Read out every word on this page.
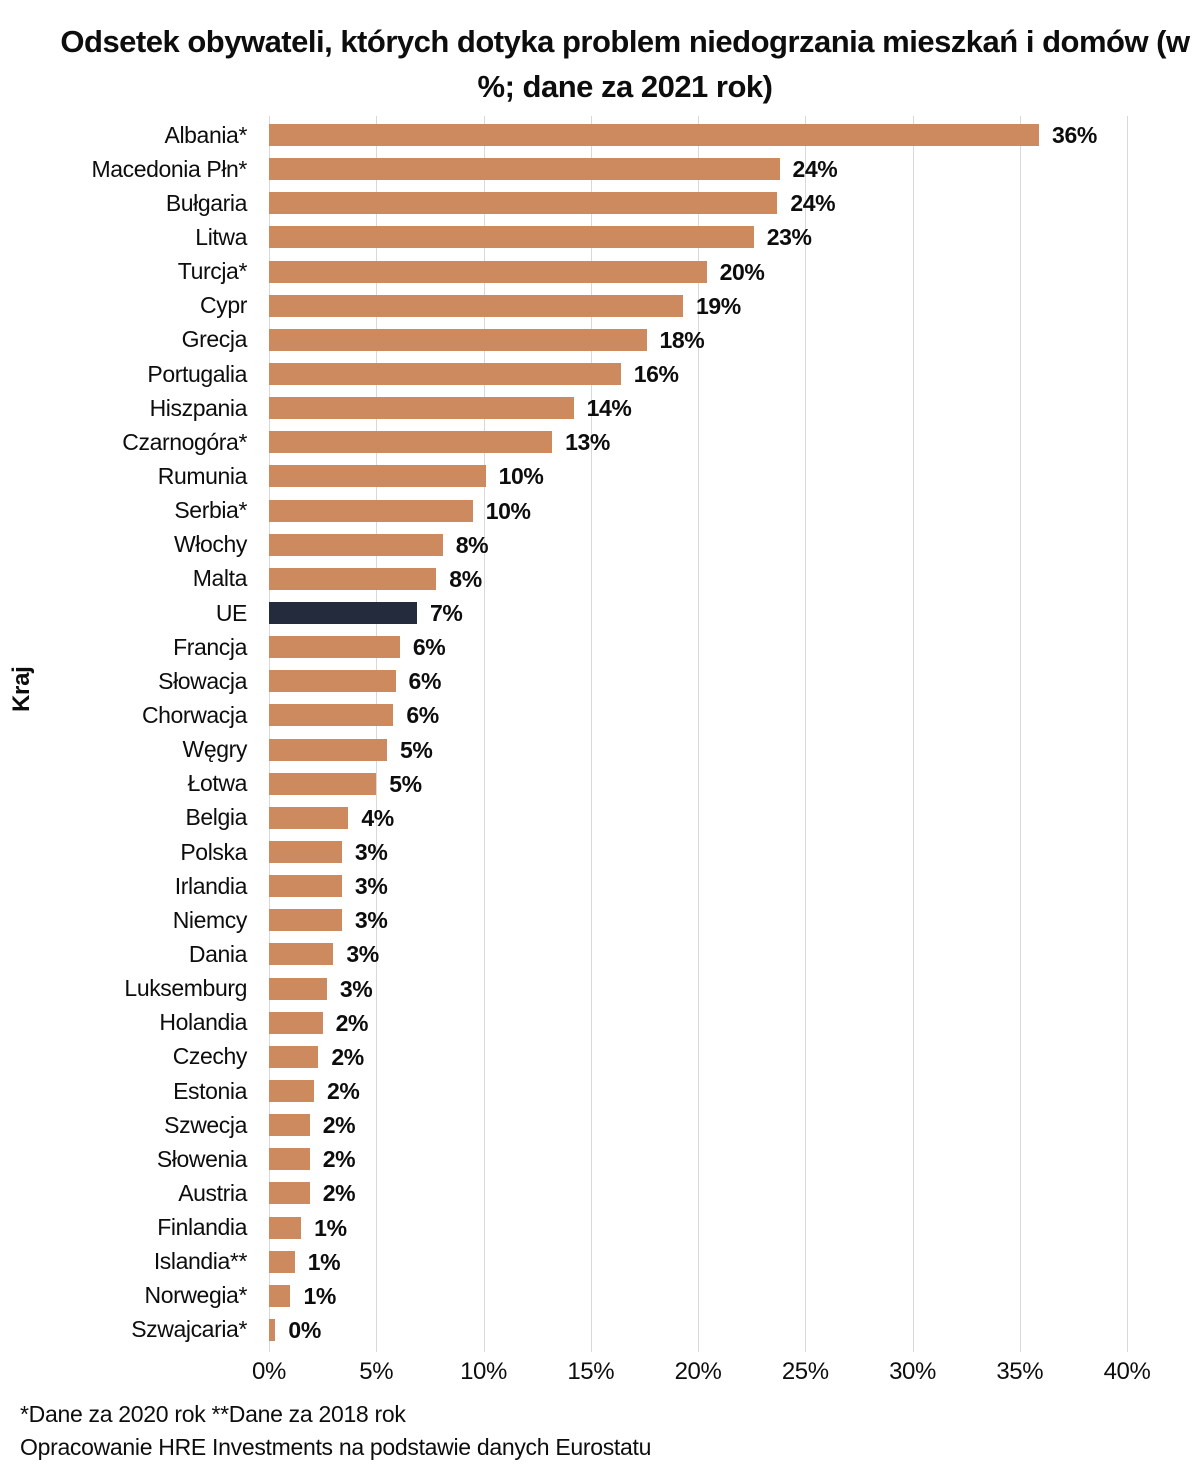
Odsetek obywateli, których dotyka problem niedogrzania mieszkań i domów (w %; dane za 2021 rok)
Albania*	36%
Macedonia Płn*	24%
Bułgaria	24%
Litwa	23%
Turcja*	20%
Cypr	19%
Grecja	18%
Portugalia	16%
Hiszpania	14%
Czarnogóra*	13%
Rumunia	10%
Serbia*	10%
Włochy	8%
Malta	8%
UE	7%
Francja	6%
Słowacja	6%
Chorwacja	6%
Węgry	5%
Łotwa	5%
Belgia	4%
Polska	3%
Irlandia	3%
Niemcy	3%
Dania	3%
Luksemburg	3%
Holandia	2%
Czechy	2%
Estonia	2%
Szwecja	2%
Słowenia	2%
Austria	2%
Finlandia	1%
Islandia**	1%
Norwegia*	1%
Szwajcaria*	0%
0%	5%	10%	15%	20%	25%	30%	35%	40%
Kraj
*Dane za 2020 rok **Dane za 2018 rok
Opracowanie HRE Investments na podstawie danych Eurostatu
